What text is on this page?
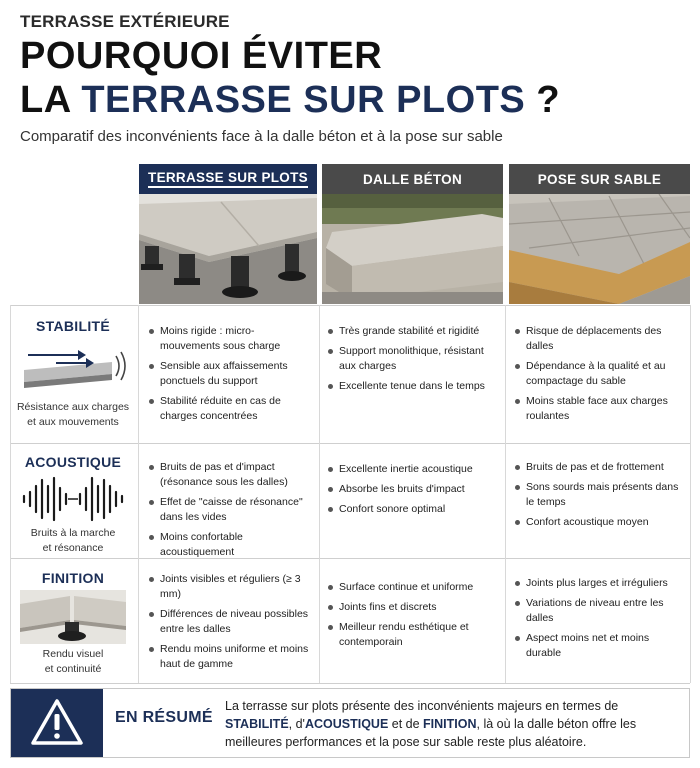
TERRASSE EXTÉRIEURE
POURQUOI ÉVITER
LA TERRASSE SUR PLOTS ?
Comparatif des inconvénients face à la dalle béton et à la pose sur sable
TERRASSE SUR PLOTS	DALLE BÉTON	POSE SUR SABLE
STABILITÉ
Résistance aux charges
et aux mouvements
Moins rigide : micro-mouvements sous charge
Sensible aux affaissements ponctuels du support
Stabilité réduite en cas de charges concentrées
Très grande stabilité et rigidité
Support monolithique, résistant aux charges
Excellente tenue dans le temps
Risque de déplacements des dalles
Dépendance à la qualité et au compactage du sable
Moins stable face aux charges roulantes
ACOUSTIQUE
Bruits à la marche
et résonance
Bruits de pas et d'impact (résonance sous les dalles)
Effet de "caisse de résonance" dans les vides
Moins confortable acoustiquement
Excellente inertie acoustique
Absorbe les bruits d'impact
Confort sonore optimal
Bruits de pas et de frottement
Sons sourds mais présents dans le temps
Confort acoustique moyen
FINITION
Rendu visuel
et continuité
Joints visibles et réguliers (≥ 3 mm)
Différences de niveau possibles entre les dalles
Rendu moins uniforme et moins haut de gamme
Surface continue et uniforme
Joints fins et discrets
Meilleur rendu esthétique et contemporain
Joints plus larges et irréguliers
Variations de niveau entre les dalles
Aspect moins net et moins durable
EN RÉSUMÉ
La terrasse sur plots présente des inconvénients majeurs en termes de STABILITÉ, d'ACOUSTIQUE et de FINITION, là où la dalle béton offre les meilleures performances et la pose sur sable reste plus aléatoire.
